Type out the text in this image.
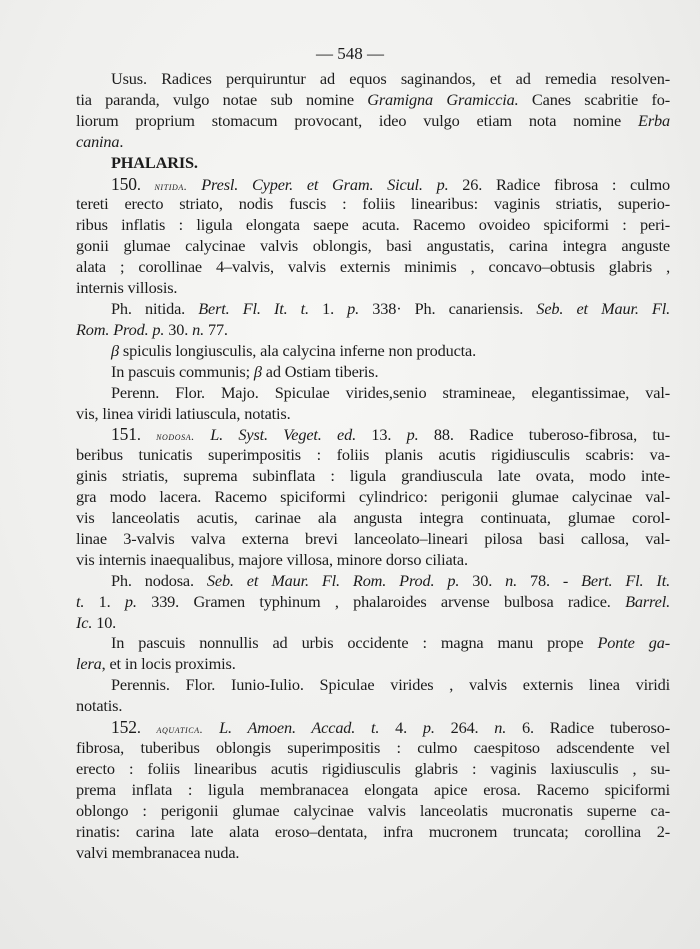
— 548 —
Usus. Radices perquiruntur ad equos saginandos, et ad remedia resolven-
tia paranda, vulgo notae sub nomine Gramigna Gramiccia. Canes scabritie fo-
liorum proprium stomacum provocant, ideo vulgo etiam nota nomine Erba
canina.
PHALARIS.
150. nitida. Presl. Cyper. et Gram. Sicul. p. 26. Radice fibrosa : culmo
tereti erecto striato, nodis fuscis : foliis linearibus: vaginis striatis, superio-
ribus inflatis : ligula elongata saepe acuta. Racemo ovoideo spiciformi : peri-
gonii glumae calycinae valvis oblongis, basi angustatis, carina integra anguste
alata ; corollinae 4–valvis, valvis externis minimis , concavo–obtusis glabris ,
internis villosis.
Ph. nitida. Bert. Fl. It. t. 1. p. 338· Ph. canariensis. Seb. et Maur. Fl.
Rom. Prod. p. 30. n. 77.
β spiculis longiusculis, ala calycina inferne non producta.
In pascuis communis; β ad Ostiam tiberis.
Perenn. Flor. Majo. Spiculae virides,senio stramineae, elegantissimae, val-
vis, linea viridi latiuscula, notatis.
151. nodosa. L. Syst. Veget. ed. 13. p. 88. Radice tuberoso-fibrosa, tu-
beribus tunicatis superimpositis : foliis planis acutis rigidiusculis scabris: va-
ginis striatis, suprema subinflata : ligula grandiuscula late ovata, modo inte-
gra modo lacera. Racemo spiciformi cylindrico: perigonii glumae calycinae val-
vis lanceolatis acutis, carinae ala angusta integra continuata, glumae corol-
linae 3-valvis valva externa brevi lanceolato–lineari pilosa basi callosa, val-
vis internis inaequalibus, majore villosa, minore dorso ciliata.
Ph. nodosa. Seb. et Maur. Fl. Rom. Prod. p. 30. n. 78. - Bert. Fl. It.
t. 1. p. 339. Gramen typhinum , phalaroides arvense bulbosa radice. Barrel.
Ic. 10.
In pascuis nonnullis ad urbis occidente : magna manu prope Ponte ga-
lera, et in locis proximis.
Perennis. Flor. Iunio-Iulio. Spiculae virides , valvis externis linea viridi
notatis.
152. aquatica. L. Amoen. Accad. t. 4. p. 264. n. 6. Radice tuberoso-
fibrosa, tuberibus oblongis superimpositis : culmo caespitoso adscendente vel
erecto : foliis linearibus acutis rigidiusculis glabris : vaginis laxiusculis , su-
prema inflata : ligula membranacea elongata apice erosa. Racemo spiciformi
oblongo : perigonii glumae calycinae valvis lanceolatis mucronatis superne ca-
rinatis: carina late alata eroso–dentata, infra mucronem truncata; corollina 2-
valvi membranacea nuda.
